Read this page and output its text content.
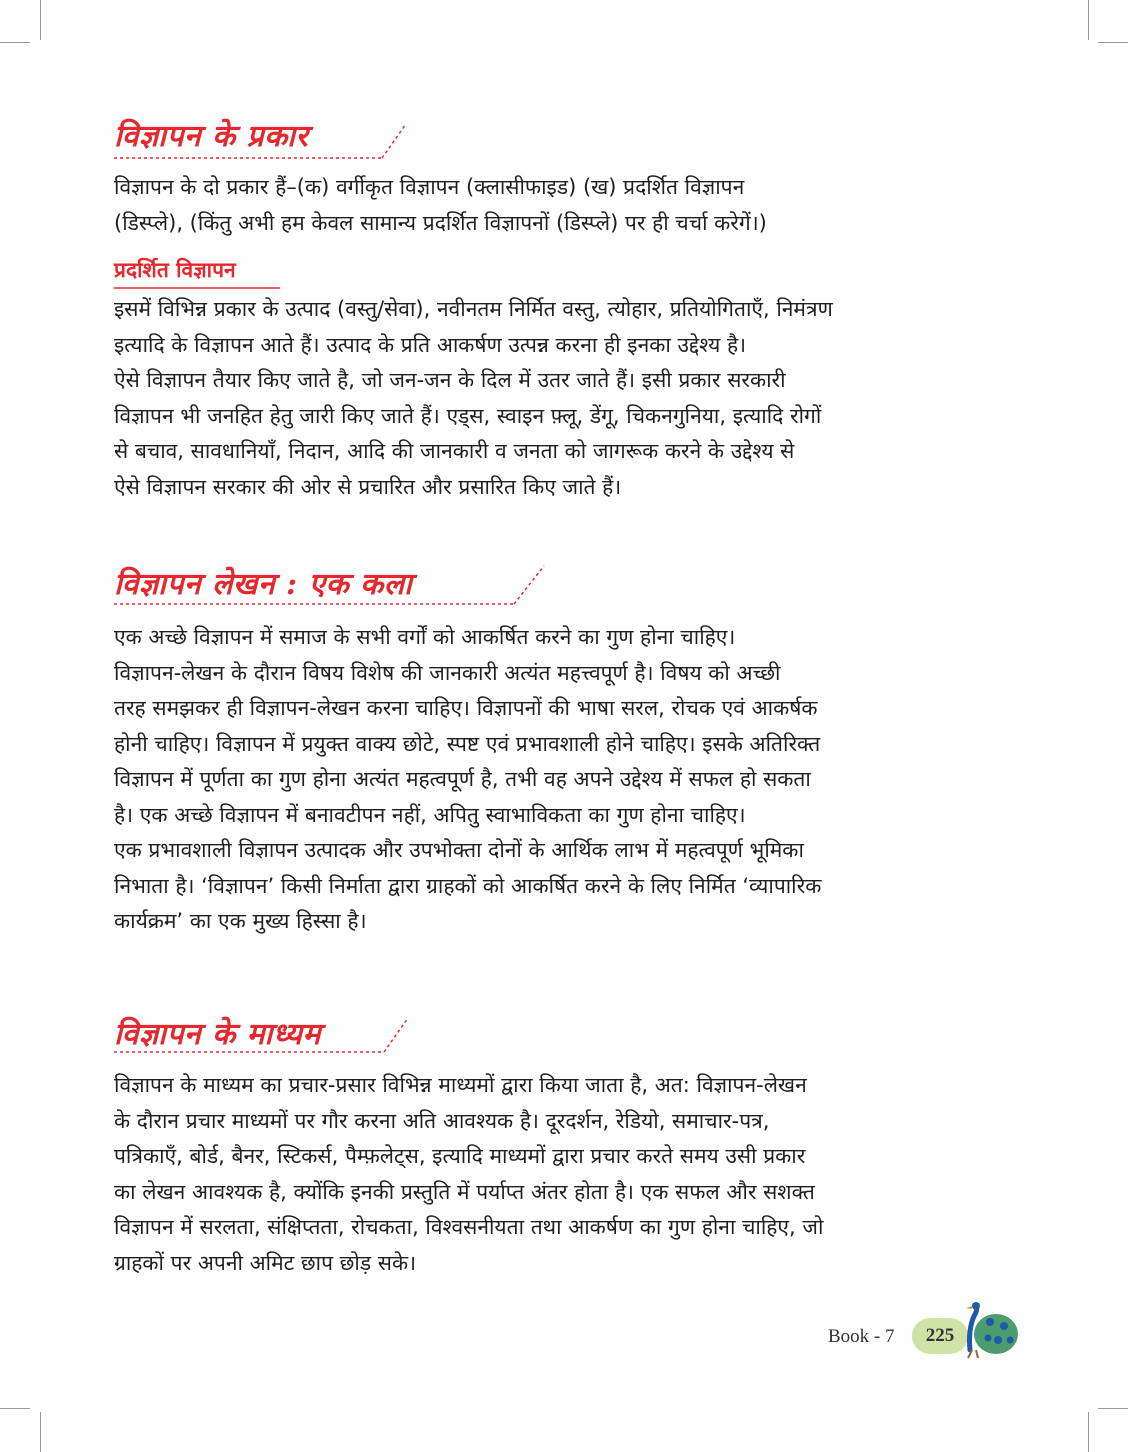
विज्ञापन के प्रकार
विज्ञापन के दो प्रकार हैं–(क) वर्गीकृत विज्ञापन (क्लासीफाइड) (ख) प्रदर्शित विज्ञापन
(डिस्प्ले), (किंतु अभी हम केवल सामान्य प्रदर्शित विज्ञापनों (डिस्प्ले) पर ही चर्चा करेगें।)
प्रदर्शित विज्ञापन
इसमें विभिन्न प्रकार के उत्पाद (वस्तु/सेवा), नवीनतम निर्मित वस्तु, त्योहार, प्रतियोगिताएँ, निमंत्रण
इत्यादि के विज्ञापन आते हैं। उत्पाद के प्रति आकर्षण उत्पन्न करना ही इनका उद्देश्य है।
ऐसे विज्ञापन तैयार किए जाते है, जो जन-जन के दिल में उतर जाते हैं। इसी प्रकार सरकारी
विज्ञापन भी जनहित हेतु जारी किए जाते हैं। एड्स, स्वाइन फ़्लू, डेंगू, चिकनगुनिया, इत्यादि रोगों
से बचाव, सावधानियाँ, निदान, आदि की जानकारी व जनता को जागरूक करने के उद्देश्य से
ऐसे विज्ञापन सरकार की ओर से प्रचारित और प्रसारित किए जाते हैं।
विज्ञापन लेखन : एक कला
एक अच्छे विज्ञापन में समाज के सभी वर्गों को आकर्षित करने का गुण होना चाहिए।
विज्ञापन-लेखन के दौरान विषय विशेष की जानकारी अत्यंत महत्त्वपूर्ण है। विषय को अच्छी
तरह समझकर ही विज्ञापन-लेखन करना चाहिए। विज्ञापनों की भाषा सरल, रोचक एवं आकर्षक
होनी चाहिए। विज्ञापन में प्रयुक्त वाक्य छोटे, स्पष्ट एवं प्रभावशाली होने चाहिए। इसके अतिरिक्त
विज्ञापन में पूर्णता का गुण होना अत्यंत महत्वपूर्ण है, तभी वह अपने उद्देश्य में सफल हो सकता
है। एक अच्छे विज्ञापन में बनावटीपन नहीं, अपितु स्वाभाविकता का गुण होना चाहिए।
एक प्रभावशाली विज्ञापन उत्पादक और उपभोक्ता दोनों के आर्थिक लाभ में महत्वपूर्ण भूमिका
निभाता है। ‘विज्ञापन’ किसी निर्माता द्वारा ग्राहकों को आकर्षित करने के लिए निर्मित ‘व्यापारिक
कार्यक्रम’ का एक मुख्य हिस्सा है।
विज्ञापन के माध्यम
विज्ञापन के माध्यम का प्रचार-प्रसार विभिन्न माध्यमों द्वारा किया जाता है, अत: विज्ञापन-लेखन
के दौरान प्रचार माध्यमों पर गौर करना अति आवश्यक है। दूरदर्शन, रेडियो, समाचार-पत्र,
पत्रिकाएँ, बोर्ड, बैनर, स्टिकर्स, पैम्फ़लेट्स, इत्यादि माध्यमों द्वारा प्रचार करते समय उसी प्रकार
का लेखन आवश्यक है, क्योंकि इनकी प्रस्तुति में पर्याप्त अंतर होता है। एक सफल और सशक्त
विज्ञापन में सरलता, संक्षिप्तता, रोचकता, विश्वसनीयता तथा आकर्षण का गुण होना चाहिए, जो
ग्राहकों पर अपनी अमिट छाप छोड़ सके।
Book - 7 225
